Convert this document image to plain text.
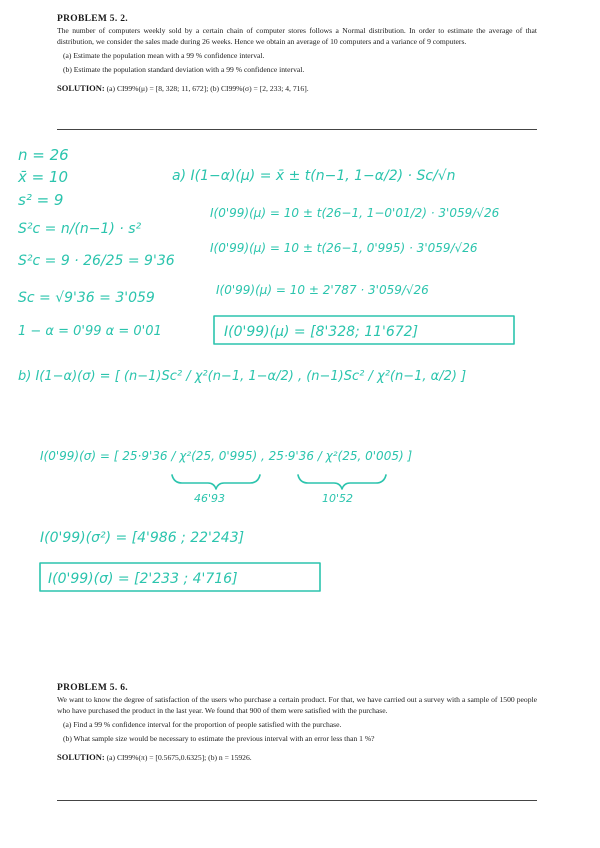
PROBLEM 5. 2.

The number of computers weekly sold by a certain chain of computer stores follows a Normal distribution. In order to estimate the average of that distribution, we consider the sales made during 26 weeks. Hence we obtain an average of 10 computers and a variance of 9 computers.

(a) Estimate the population mean with a 99 % confidence interval.

(b) Estimate the population standard deviation with a 99 % confidence interval.

SOLUTION: (a) CI99%(μ) = [8, 328; 11, 672]; (b) CI99%(σ) = [2, 233; 4, 716].
n = 26
x̄ = 10
s² = 9
S²c = n/(n−1) · s²
S²c = 9 · 26/25 = 9'36
Sc = √9'36 = 3'059
1 − α = 0'99 α = 0'01
a) I(1−α)(μ) = x̄ ± t(n−1, 1−α/2) · Sc/√n
I(0'99)(μ) = 10 ± t(26−1, 1−0'01/2) · 3'059/√26
I(0'99)(μ) = 10 ± t(26−1, 0'995) · 3'059/√26
I(0'99)(μ) = 10 ± 2'787 · 3'059/√26
I(0'99)(μ) = [8'328; 11'672]
b) I(1−α)(σ) = [ (n−1)Sc² / χ²(n−1, 1−α/2) , (n−1)Sc² / χ²(n−1, α/2) ]
I(0'99)(σ) = [ 25·9'36 / χ²(25, 0'995) , 25·9'36 / χ²(25, 0'005) ]
46'93	10'52
I(0'99)(σ²) = [4'986 ; 22'243]
I(0'99)(σ) = [2'233 ; 4'716]

PROBLEM 5. 6.

We want to know the degree of satisfaction of the users who purchase a certain product. For that, we have carried out a survey with a sample of 1500 people who have purchased the product in the last year. We found that 900 of them were satisfied with the purchase.

(a) Find a 99 % confidence interval for the proportion of people satisfied with the purchase.

(b) What sample size would be necessary to estimate the previous interval with an error less than 1 %?

SOLUTION: (a) CI99%(π) = [0.5675,0.6325]; (b) n = 15926.
